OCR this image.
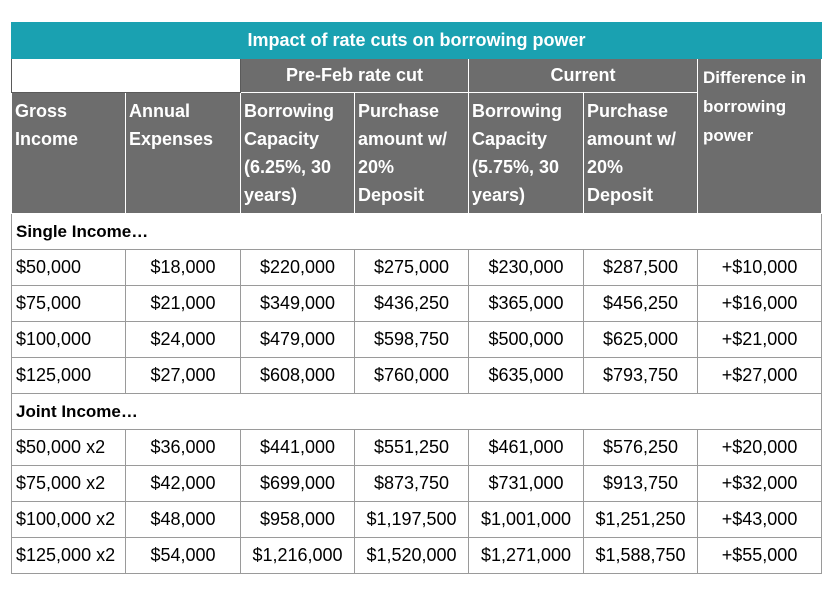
Impact of rate cuts on borrowing power						
		Pre-Feb rate cut		Current		Difference in borrowing power
Gross Income	Annual Expenses	Borrowing Capacity (6.25%, 30 years)	Purchase amount w/ 20% Deposit	Borrowing Capacity (5.75%, 30 years)	Purchase amount w/ 20% Deposit	
Single Income…						
$50,000	$18,000	$220,000	$275,000	$230,000	$287,500	+$10,000
$75,000	$21,000	$349,000	$436,250	$365,000	$456,250	+$16,000
$100,000	$24,000	$479,000	$598,750	$500,000	$625,000	+$21,000
$125,000	$27,000	$608,000	$760,000	$635,000	$793,750	+$27,000
Joint Income…						
$50,000 x2	$36,000	$441,000	$551,250	$461,000	$576,250	+$20,000
$75,000 x2	$42,000	$699,000	$873,750	$731,000	$913,750	+$32,000
$100,000 x2	$48,000	$958,000	$1,197,500	$1,001,000	$1,251,250	+$43,000
$125,000 x2	$54,000	$1,216,000	$1,520,000	$1,271,000	$1,588,750	+$55,000
